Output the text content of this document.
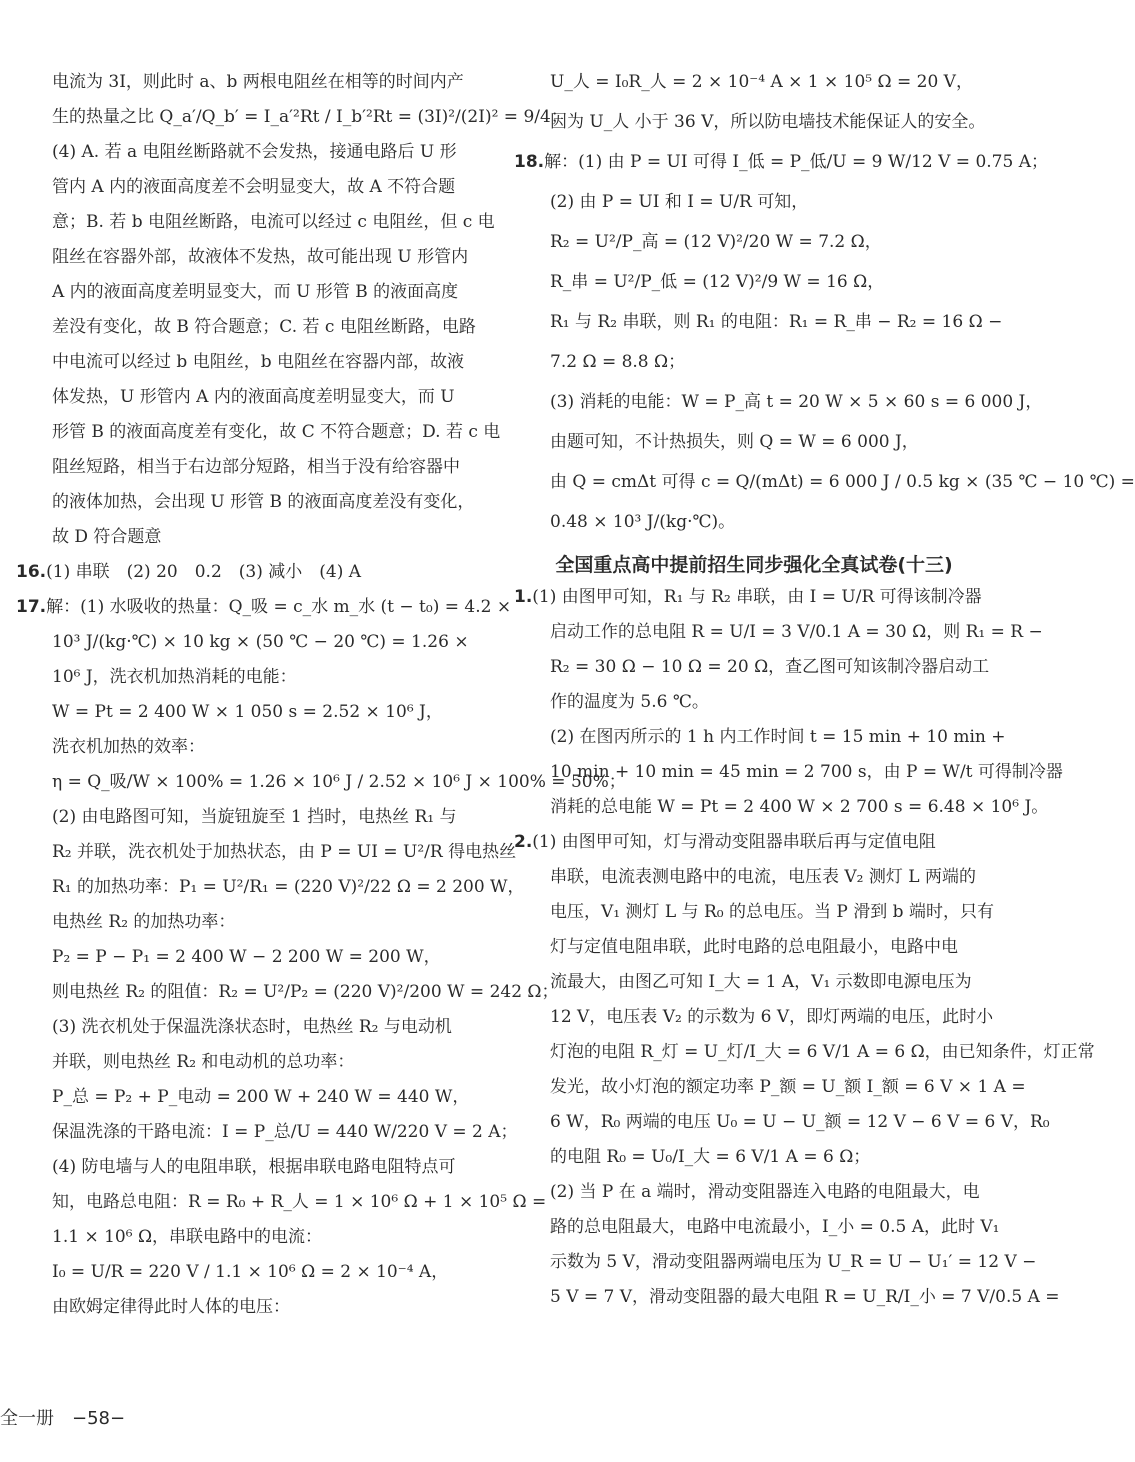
电流为 3I，则此时 a、b 两根电阻丝在相等的时间内产
生的热量之比 Q_a′/Q_b′ = I_a′²Rt / I_b′²Rt = (3I)²/(2I)² = 9/4；
(4) A. 若 a 电阻丝断路就不会发热，接通电路后 U 形
管内 A 内的液面高度差不会明显变大，故 A 不符合题
意；B. 若 b 电阻丝断路，电流可以经过 c 电阻丝，但 c 电
阻丝在容器外部，故液体不发热，故可能出现 U 形管内
A 内的液面高度差明显变大，而 U 形管 B 的液面高度
差没有变化，故 B 符合题意；C. 若 c 电阻丝断路，电路
中电流可以经过 b 电阻丝，b 电阻丝在容器内部，故液
体发热，U 形管内 A 内的液面高度差明显变大，而 U
形管 B 的液面高度差有变化，故 C 不符合题意；D. 若 c 电
阻丝短路，相当于右边部分短路，相当于没有给容器中
的液体加热，会出现 U 形管 B 的液面高度差没有变化，
故 D 符合题意
16.(1) 串联　(2) 20　0.2　(3) 减小　(4) A
17.解：(1) 水吸收的热量：Q_吸 = c_水 m_水 (t − t₀) = 4.2 ×
10³ J/(kg·℃) × 10 kg × (50 ℃ − 20 ℃) = 1.26 ×
10⁶ J，洗衣机加热消耗的电能：
W = Pt = 2 400 W × 1 050 s = 2.52 × 10⁶ J，
洗衣机加热的效率：
η = Q_吸/W × 100% = 1.26 × 10⁶ J / 2.52 × 10⁶ J × 100% = 50%；
(2) 由电路图可知，当旋钮旋至 1 挡时，电热丝 R₁ 与
R₂ 并联，洗衣机处于加热状态，由 P = UI = U²/R 得电热丝
R₁ 的加热功率：P₁ = U²/R₁ = (220 V)²/22 Ω = 2 200 W，
电热丝 R₂ 的加热功率：
P₂ = P − P₁ = 2 400 W − 2 200 W = 200 W，
则电热丝 R₂ 的阻值：R₂ = U²/P₂ = (220 V)²/200 W = 242 Ω；
(3) 洗衣机处于保温洗涤状态时，电热丝 R₂ 与电动机
并联，则电热丝 R₂ 和电动机的总功率：
P_总 = P₂ + P_电动 = 200 W + 240 W = 440 W，
保温洗涤的干路电流：I = P_总/U = 440 W/220 V = 2 A；
(4) 防电墙与人的电阻串联，根据串联电路电阻特点可
知，电路总电阻：R = R₀ + R_人 = 1 × 10⁶ Ω + 1 × 10⁵ Ω =
1.1 × 10⁶ Ω，串联电路中的电流：
I₀ = U/R = 220 V / 1.1 × 10⁶ Ω = 2 × 10⁻⁴ A，
由欧姆定律得此时人体的电压：
U_人 = I₀R_人 = 2 × 10⁻⁴ A × 1 × 10⁵ Ω = 20 V，
因为 U_人 小于 36 V，所以防电墙技术能保证人的安全。
18.解：(1) 由 P = UI 可得 I_低 = P_低/U = 9 W/12 V = 0.75 A；
(2) 由 P = UI 和 I = U/R 可知，
R₂ = U²/P_高 = (12 V)²/20 W = 7.2 Ω，
R_串 = U²/P_低 = (12 V)²/9 W = 16 Ω，
R₁ 与 R₂ 串联，则 R₁ 的电阻：R₁ = R_串 − R₂ = 16 Ω −
7.2 Ω = 8.8 Ω；
(3) 消耗的电能：W = P_高 t = 20 W × 5 × 60 s = 6 000 J，
由题可知，不计热损失，则 Q = W = 6 000 J，
由 Q = cmΔt 可得 c = Q/(mΔt) = 6 000 J / 0.5 kg × (35 ℃ − 10 ℃) =
0.48 × 10³ J/(kg·℃)。
全国重点高中提前招生同步强化全真试卷(十三)
1.(1) 由图甲可知，R₁ 与 R₂ 串联，由 I = U/R 可得该制冷器
启动工作的总电阻 R = U/I = 3 V/0.1 A = 30 Ω，则 R₁ = R −
R₂ = 30 Ω − 10 Ω = 20 Ω，查乙图可知该制冷器启动工
作的温度为 5.6 ℃。
(2) 在图丙所示的 1 h 内工作时间 t = 15 min + 10 min +
10 min + 10 min = 45 min = 2 700 s，由 P = W/t 可得制冷器
消耗的总电能 W = Pt = 2 400 W × 2 700 s = 6.48 × 10⁶ J。
2.(1) 由图甲可知，灯与滑动变阻器串联后再与定值电阻
串联，电流表测电路中的电流，电压表 V₂ 测灯 L 两端的
电压，V₁ 测灯 L 与 R₀ 的总电压。当 P 滑到 b 端时，只有
灯与定值电阻串联，此时电路的总电阻最小，电路中电
流最大，由图乙可知 I_大 = 1 A，V₁ 示数即电源电压为
12 V，电压表 V₂ 的示数为 6 V，即灯两端的电压，此时小
灯泡的电阻 R_灯 = U_灯/I_大 = 6 V/1 A = 6 Ω，由已知条件，灯正常
发光，故小灯泡的额定功率 P_额 = U_额 I_额 = 6 V × 1 A =
6 W，R₀ 两端的电压 U₀ = U − U_额 = 12 V − 6 V = 6 V，R₀
的电阻 R₀ = U₀/I_大 = 6 V/1 A = 6 Ω；
(2) 当 P 在 a 端时，滑动变阻器连入电路的电阻最大，电
路的总电阻最大，电路中电流最小，I_小 = 0.5 A，此时 V₁
示数为 5 V，滑动变阻器两端电压为 U_R = U − U₁′ = 12 V −
5 V = 7 V，滑动变阻器的最大电阻 R = U_R/I_小 = 7 V/0.5 A =
全一册　−58−
